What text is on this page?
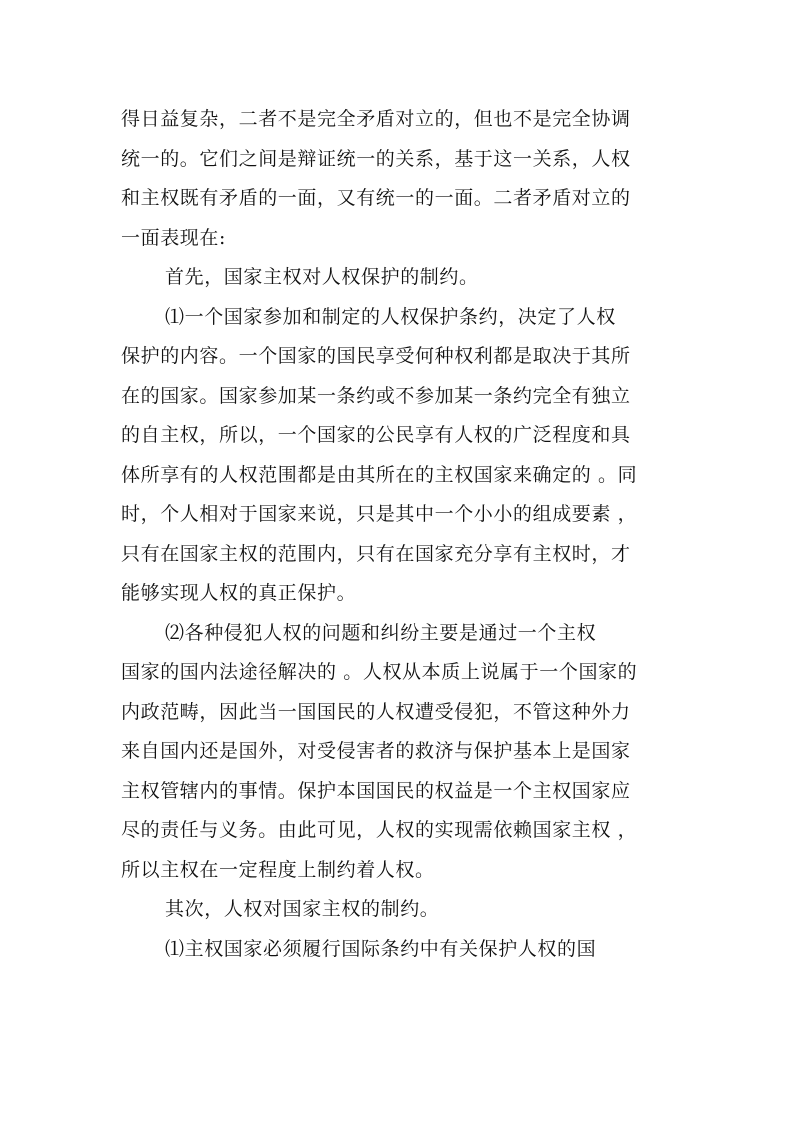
得日益复杂，二者不是完全矛盾对立的，但也不是完全协调
统一的。它们之间是辩证统一的关系，基于这一关系，人权
和主权既有矛盾的一面，又有统一的一面。二者矛盾对立的
一面表现在:
首先，国家主权对人权保护的制约。
⑴一个国家参加和制定的人权保护条约，决定了人权
保护的内容。一个国家的国民享受何种权利都是取决于其所
在的国家。国家参加某一条约或不参加某一条约完全有独立
的自主权，所以，一个国家的公民享有人权的广泛程度和具
体所享有的人权范围都是由其所在的主权国家来确定的 。同
时，个人相对于国家来说，只是其中一个小小的组成要素 ，
只有在国家主权的范围内，只有在国家充分享有主权时，才
能够实现人权的真正保护。
⑵各种侵犯人权的问题和纠纷主要是通过一个主权
国家的国内法途径解决的 。人权从本质上说属于一个国家的
内政范畴，因此当一国国民的人权遭受侵犯，不管这种外力
来自国内还是国外，对受侵害者的救济与保护基本上是国家
主权管辖内的事情。保护本国国民的权益是一个主权国家应
尽的责任与义务。由此可见，人权的实现需依赖国家主权 ，
所以主权在一定程度上制约着人权。
其次，人权对国家主权的制约。
⑴主权国家必须履行国际条约中有关保护人权的国
